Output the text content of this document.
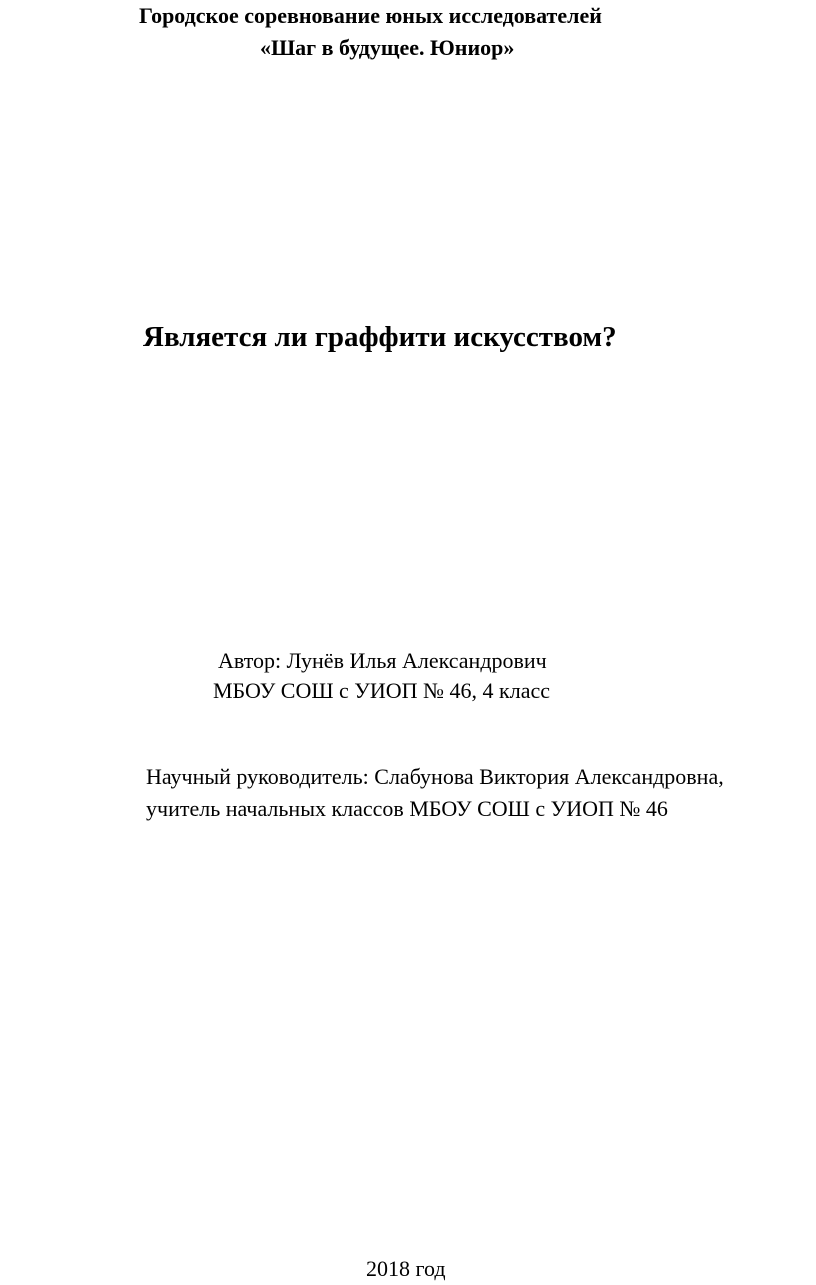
Городское соревнование юных исследователей
«Шаг в будущее. Юниор»
Является ли граффити искусством?
Автор: Лунёв Илья Александрович
МБОУ СОШ с УИОП № 46, 4 класс
Научный руководитель: Слабунова Виктория Александровна,
учитель начальных классов МБОУ СОШ с УИОП № 46
2018 год
